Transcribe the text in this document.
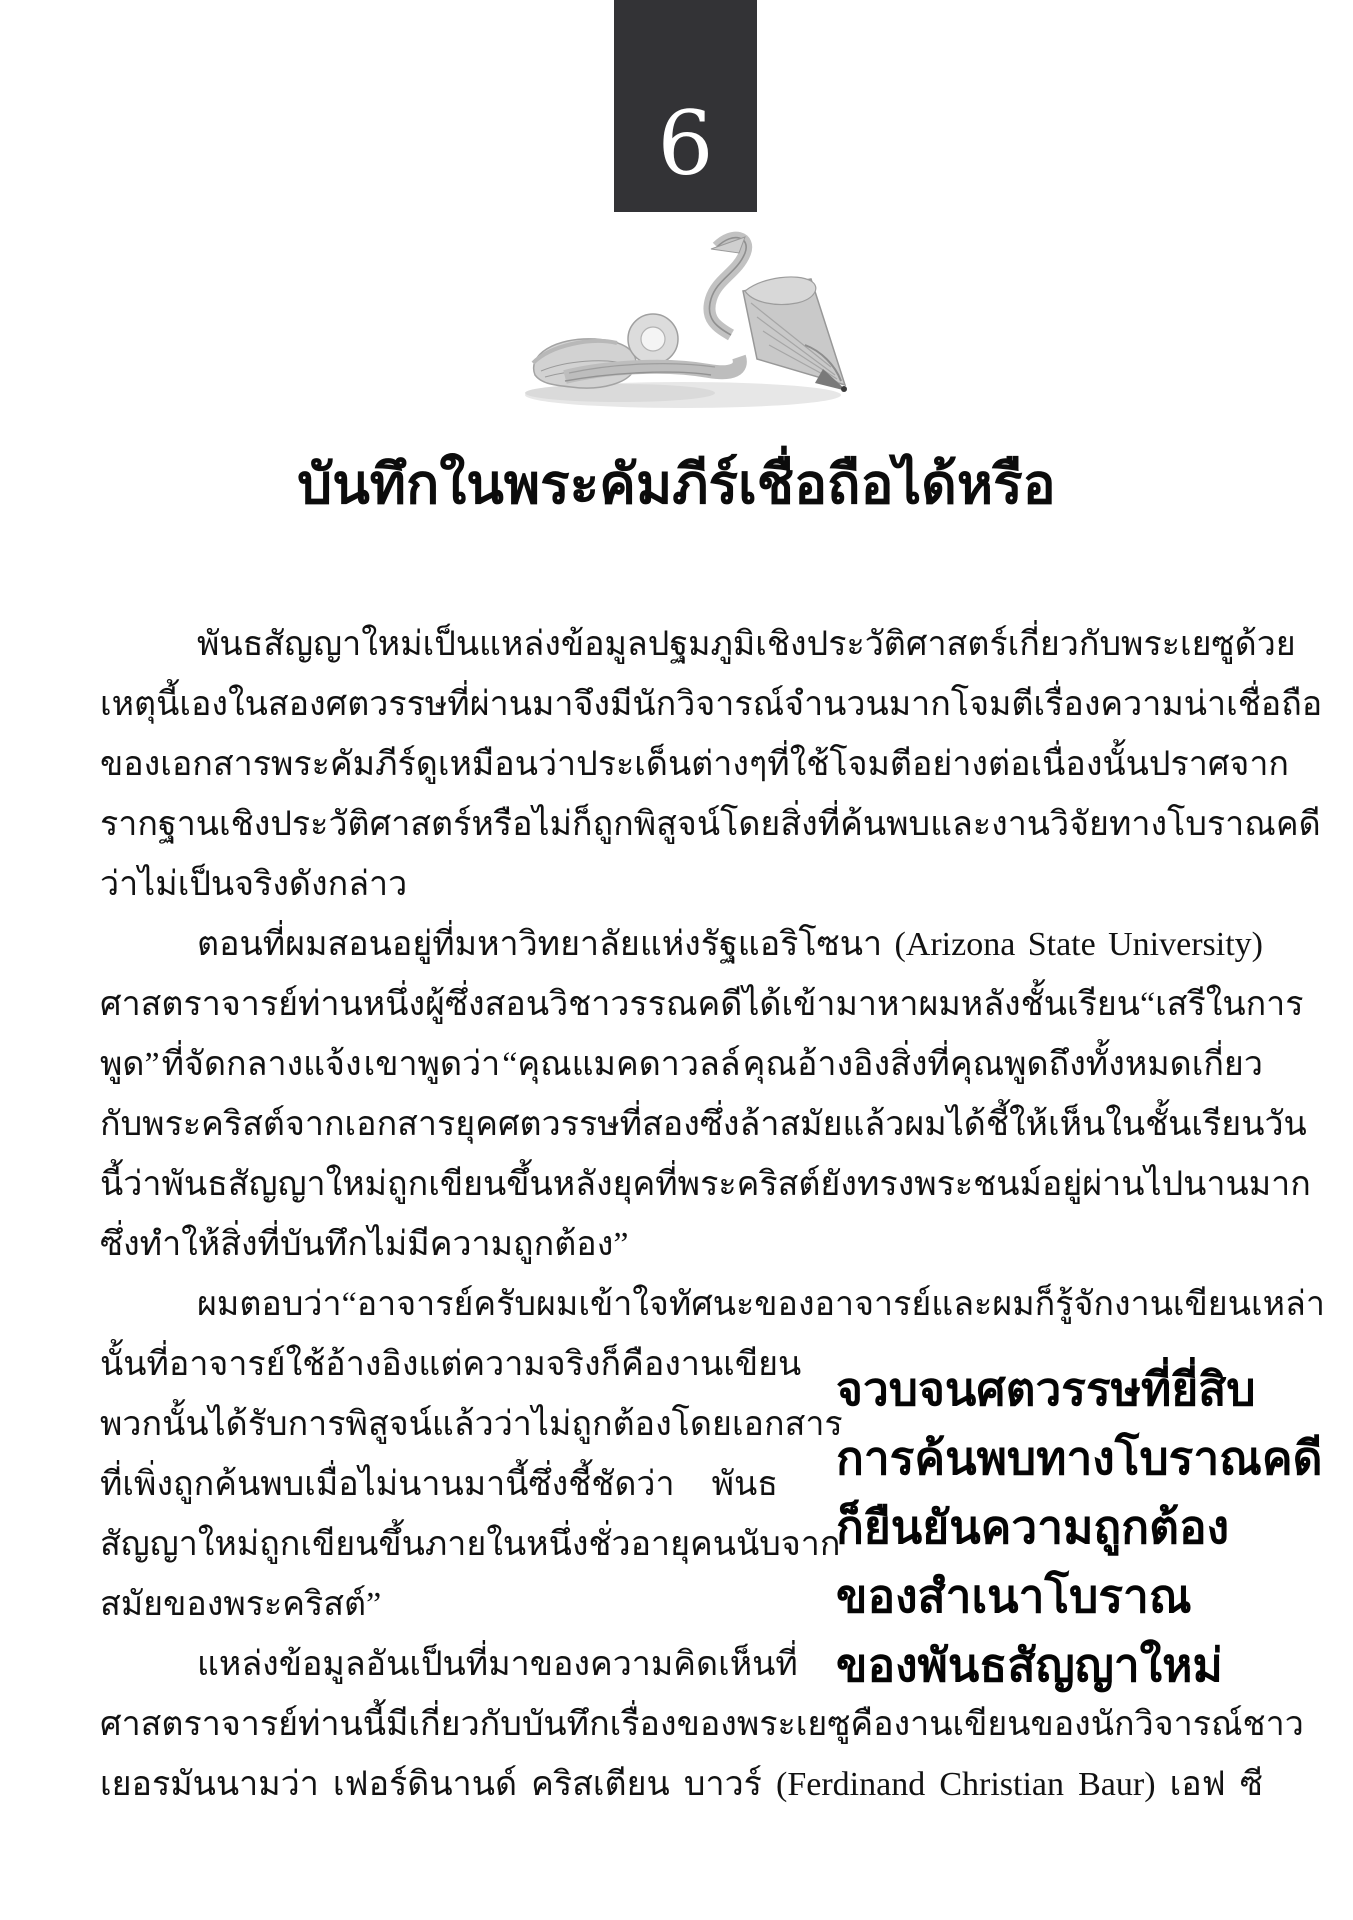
6
บันทึกในพระคัมภีร์เชื่อถือได้หรือ
พันธสัญญาใหม่เป็นแหล่งข้อมูลปฐมภูมิเชิงประวัติศาสตร์เกี่ยวกับพระเยซู ด้วย
เหตุนี้เอง ในสองศตวรรษที่ผ่านมา จึงมีนักวิจารณ์จำนวนมากโจมตีเรื่องความน่าเชื่อถือ
ของเอกสารพระคัมภีร์ ดูเหมือนว่าประเด็นต่างๆ ที่ใช้โจมตีอย่างต่อเนื่องนั้นปราศจาก
รากฐานเชิงประวัติศาสตร์ หรือไม่ก็ถูกพิสูจน์โดยสิ่งที่ค้นพบและงานวิจัยทางโบราณคดี
ว่าไม่เป็นจริงดังกล่าว
ตอนที่ผมสอนอยู่ที่มหาวิทยาลัยแห่งรัฐแอริโซนา (Arizona State University)
ศาสตราจารย์ท่านหนึ่งผู้ซึ่งสอนวิชาวรรณคดีได้เข้ามาหาผมหลังชั้นเรียน “เสรีในการ
พูด” ที่จัดกลางแจ้ง เขาพูดว่า “คุณแมคดาวลล์ คุณอ้างอิงสิ่งที่คุณพูดถึงทั้งหมดเกี่ยว
กับพระคริสต์จากเอกสารยุคศตวรรษที่สองซึ่งล้าสมัยแล้ว ผมได้ชี้ให้เห็นในชั้นเรียนวัน
นี้ว่า พันธสัญญาใหม่ถูกเขียนขึ้นหลังยุคที่พระคริสต์ยังทรงพระชนม์อยู่ผ่านไปนานมาก
ซึ่งทำให้สิ่งที่บันทึกไม่มีความถูกต้อง”
ผมตอบว่า “อาจารย์ครับ ผมเข้าใจทัศนะของอาจารย์ และผมก็รู้จักงานเขียนเหล่า
นั้นที่อาจารย์ใช้อ้างอิง แต่ความจริงก็คือ งานเขียน
พวกนั้นได้รับการพิสูจน์แล้วว่าไม่ถูกต้องโดยเอกสาร
ที่เพิ่งถูกค้นพบเมื่อไม่นานมานี้ซึ่งชี้ชัดว่า พันธ
สัญญาใหม่ถูกเขียนขึ้นภายในหนึ่งชั่วอายุคนนับจาก
สมัยของพระคริสต์”
แหล่งข้อมูลอันเป็นที่มาของความคิดเห็นที่
ศาสตราจารย์ท่านนี้มีเกี่ยวกับบันทึกเรื่องของพระเยซูคืองานเขียนของนักวิจารณ์ชาว
เยอรมันนามว่า เฟอร์ดินานด์ คริสเตียน บาวร์ (Ferdinand Christian Baur) เอฟ ซี
จวบจนศตวรรษที่ยี่สิบ
การค้นพบทางโบราณคดี
ก็ยืนยันความถูกต้อง
ของสำเนาโบราณ
ของพันธสัญญาใหม่
